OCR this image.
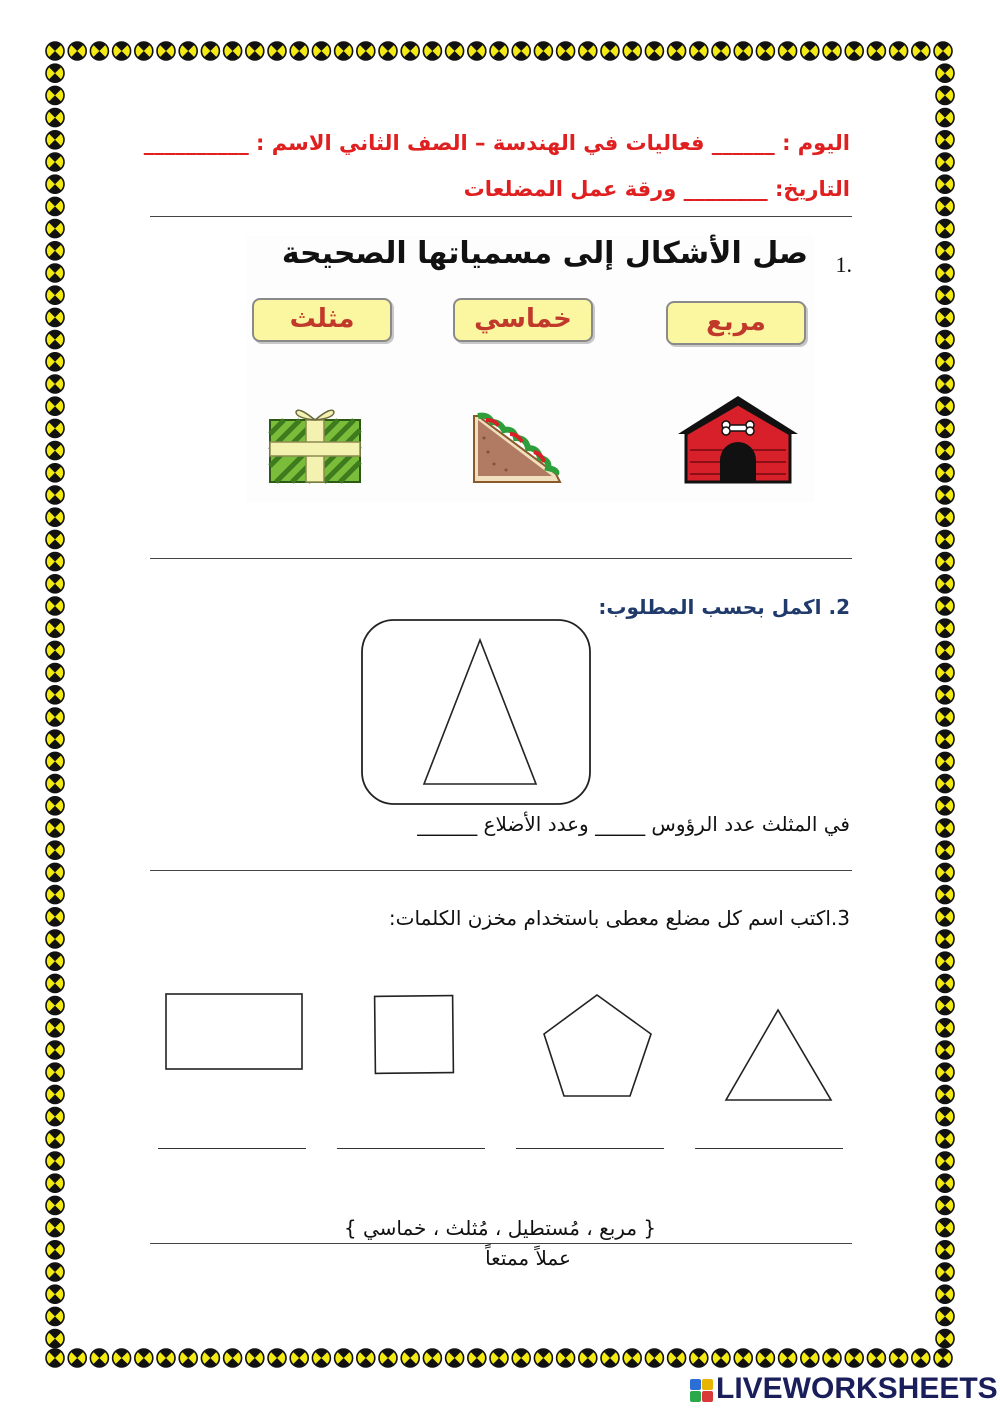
اليوم : ______ فعاليات في الهندسة – الصف الثاني الاسم : __________
التاريخ: ________ ورقة عمل المضلعات
.1
صل الأشكال إلى مسمياتها الصحيحة
مربع
خماسي
مثلث
2. اكمل بحسب المطلوب:
في المثلث عدد الرؤوس _____ وعدد الأضلاع ______
3.اكتب اسم كل مضلع معطى باستخدام مخزن الكلمات:
{ مربع ، مُستطيل ، مُثلث ، خماسي }
عملاً ممتعاً
LIVEWORKSHEETS
